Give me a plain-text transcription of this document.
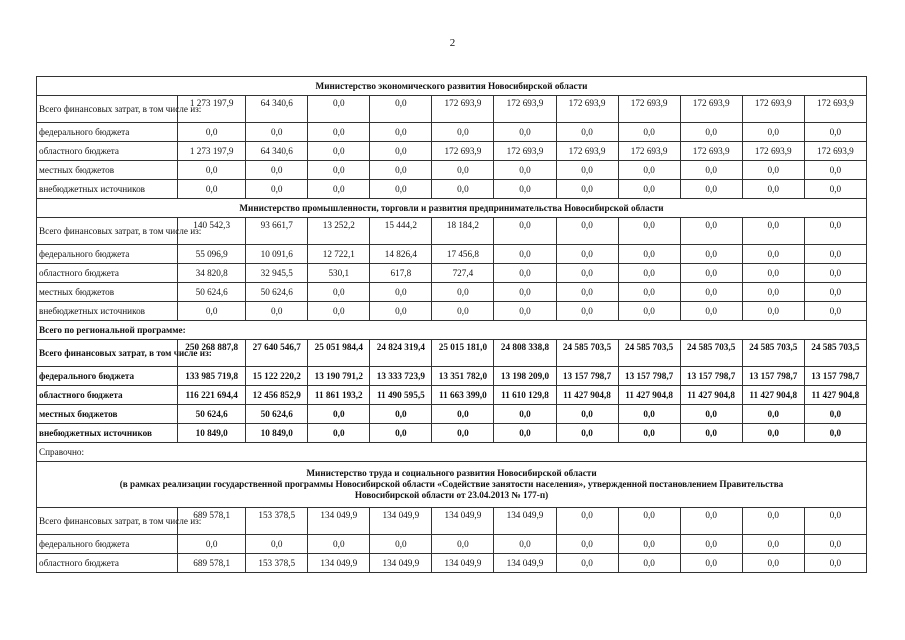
2
Министерство экономического развития Новосибирской области											

Всего финансовых затрат, в том числе из:	1 273 197,9	64 340,6	0,0	0,0	172 693,9	172 693,9	172 693,9	172 693,9	172 693,9	172 693,9	172 693,9
федерального бюджета	0,0	0,0	0,0	0,0	0,0	0,0	0,0	0,0	0,0	0,0	0,0
областного бюджета	1 273 197,9	64 340,6	0,0	0,0	172 693,9	172 693,9	172 693,9	172 693,9	172 693,9	172 693,9	172 693,9
местных бюджетов	0,0	0,0	0,0	0,0	0,0	0,0	0,0	0,0	0,0	0,0	0,0
внебюджетных источников	0,0	0,0	0,0	0,0	0,0	0,0	0,0	0,0	0,0	0,0	0,0

Министерство промышленности, торговли и развития предпринимательства Новосибирской области											

Всего финансовых затрат, в том числе из:	140 542,3	93 661,7	13 252,2	15 444,2	18 184,2	0,0	0,0	0,0	0,0	0,0	0,0
федерального бюджета	55 096,9	10 091,6	12 722,1	14 826,4	17 456,8	0,0	0,0	0,0	0,0	0,0	0,0
областного бюджета	34 820,8	32 945,5	530,1	617,8	727,4	0,0	0,0	0,0	0,0	0,0	0,0
местных бюджетов	50 624,6	50 624,6	0,0	0,0	0,0	0,0	0,0	0,0	0,0	0,0	0,0
внебюджетных источников	0,0	0,0	0,0	0,0	0,0	0,0	0,0	0,0	0,0	0,0	0,0

Всего по региональной программе:											

Всего финансовых затрат, в том числе из:	250 268 887,8	27 640 546,7	25 051 984,4	24 824 319,4	25 015 181,0	24 808 338,8	24 585 703,5	24 585 703,5	24 585 703,5	24 585 703,5	24 585 703,5
федерального бюджета	133 985 719,8	15 122 220,2	13 190 791,2	13 333 723,9	13 351 782,0	13 198 209,0	13 157 798,7	13 157 798,7	13 157 798,7	13 157 798,7	13 157 798,7
областного бюджета	116 221 694,4	12 456 852,9	11 861 193,2	11 490 595,5	11 663 399,0	11 610 129,8	11 427 904,8	11 427 904,8	11 427 904,8	11 427 904,8	11 427 904,8
местных бюджетов	50 624,6	50 624,6	0,0	0,0	0,0	0,0	0,0	0,0	0,0	0,0	0,0
внебюджетных источников	10 849,0	10 849,0	0,0	0,0	0,0	0,0	0,0	0,0	0,0	0,0	0,0

Справочно:											

Министерство труда и социального развития Новосибирской области
(в рамках реализации государственной программы Новосибирской области «Содействие занятости населения», утвержденной постановлением Правительства
Новосибирской области от 23.04.2013 № 177-п)											

Всего финансовых затрат, в том числе из:	689 578,1	153 378,5	134 049,9	134 049,9	134 049,9	134 049,9	0,0	0,0	0,0	0,0	0,0
федерального бюджета	0,0	0,0	0,0	0,0	0,0	0,0	0,0	0,0	0,0	0,0	0,0
областного бюджета	689 578,1	153 378,5	134 049,9	134 049,9	134 049,9	134 049,9	0,0	0,0	0,0	0,0	0,0
